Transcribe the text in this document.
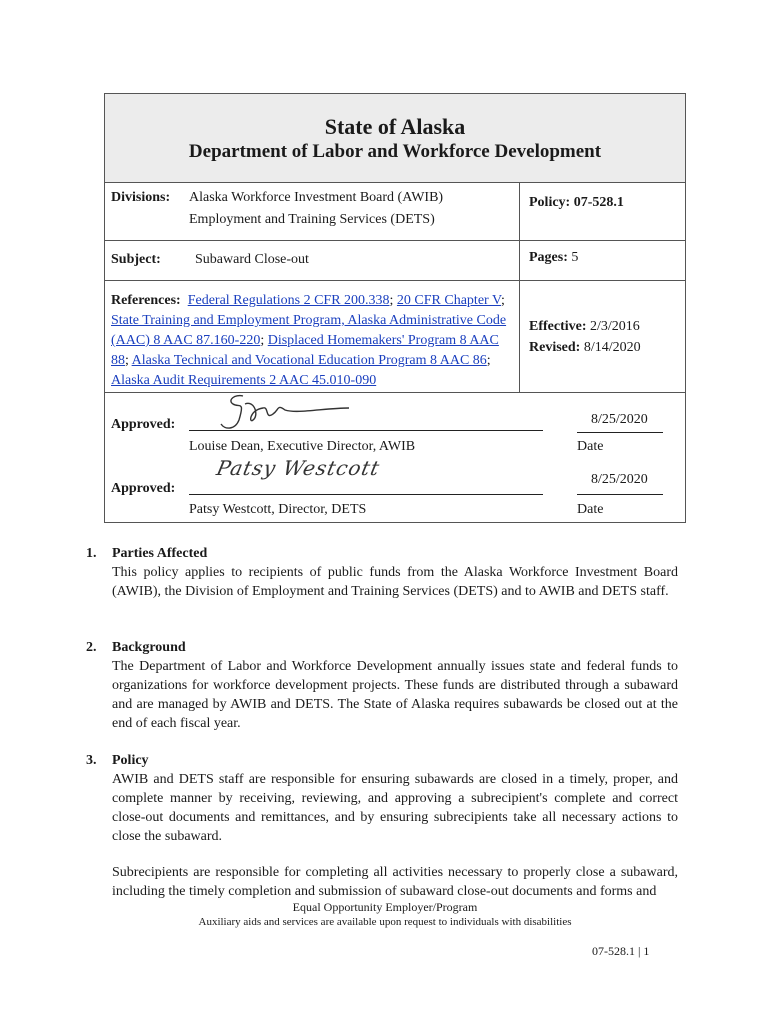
State of Alaska
Department of Labor and Workforce Development
Divisions: Alaska Workforce Investment Board (AWIB)
Employment and Training Services (DETS)
Policy: 07-528.1
Subject: Subaward Close-out	Pages: 5
References: Federal Regulations 2 CFR 200.338; 20 CFR Chapter V; State Training and Employment Program, Alaska Administrative Code (AAC) 8 AAC 87.160-220; Displaced Homemakers' Program 8 AAC 88; Alaska Technical and Vocational Education Program 8 AAC 86; Alaska Audit Requirements 2 AAC 45.010-090
Effective: 2/3/2016
Revised: 8/14/2020
Approved:
Louise Dean, Executive Director, AWIB
8/25/2020
Date
Approved:
Patsy Westcott
Patsy Westcott, Director, DETS
8/25/2020
Date
1. Parties Affected
This policy applies to recipients of public funds from the Alaska Workforce Investment Board (AWIB), the Division of Employment and Training Services (DETS) and to AWIB and DETS staff.
2. Background
The Department of Labor and Workforce Development annually issues state and federal funds to organizations for workforce development projects. These funds are distributed through a subaward and are managed by AWIB and DETS. The State of Alaska requires subawards be closed out at the end of each fiscal year.
3. Policy
AWIB and DETS staff are responsible for ensuring subawards are closed in a timely, proper, and complete manner by receiving, reviewing, and approving a subrecipient's complete and correct close-out documents and remittances, and by ensuring subrecipients take all necessary actions to close the subaward.
Subrecipients are responsible for completing all activities necessary to properly close a subaward, including the timely completion and submission of subaward close-out documents and forms and
Equal Opportunity Employer/Program
Auxiliary aids and services are available upon request to individuals with disabilities
07-528.1 | 1
